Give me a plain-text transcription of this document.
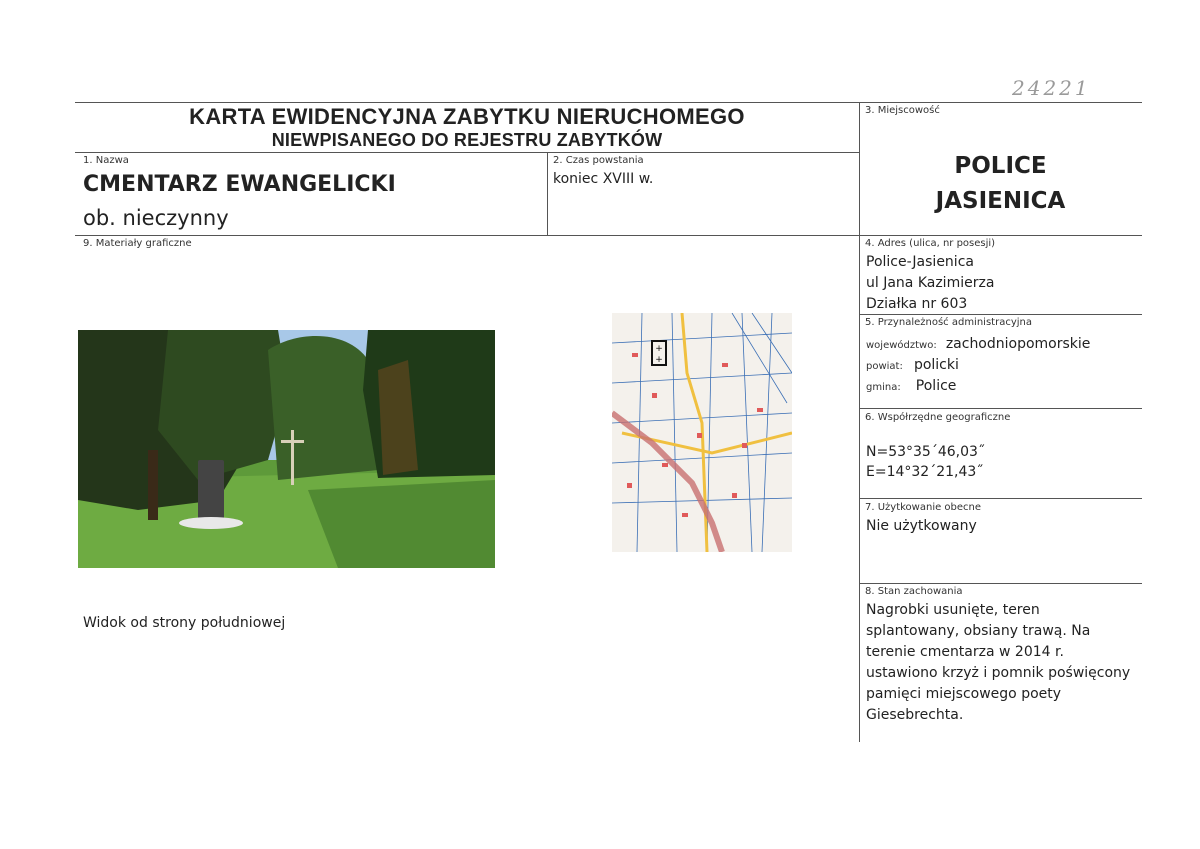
24221
KARTA EWIDENCYJNA ZABYTKU NIERUCHOMEGO
NIEWPISANEGO DO REJESTRU ZABYTKÓW
1. Nazwa
CMENTARZ EWANGELICKI
ob. nieczynny
2. Czas powstania
koniec XVIII w.
3. Miejscowość
POLICE
JASIENICA
9. Materiały graficzne
Widok od strony południowej
+
+
4. Adres (ulica, nr posesji)
Police-Jasienica
ul Jana Kazimierza
Działka nr 603
5. Przynależność administracyjna
województwo: zachodniopomorskie
powiat: policki
gmina: Police
6. Współrzędne geograficzne
N=53°35´46,03˝
E=14°32´21,43˝
7. Użytkowanie obecne
Nie użytkowany
8. Stan zachowania
Nagrobki usunięte, teren
splantowany, obsiany trawą. Na
terenie cmentarza w 2014 r.
ustawiono krzyż i pomnik poświęcony
pamięci miejscowego poety
Giesebrechta.
